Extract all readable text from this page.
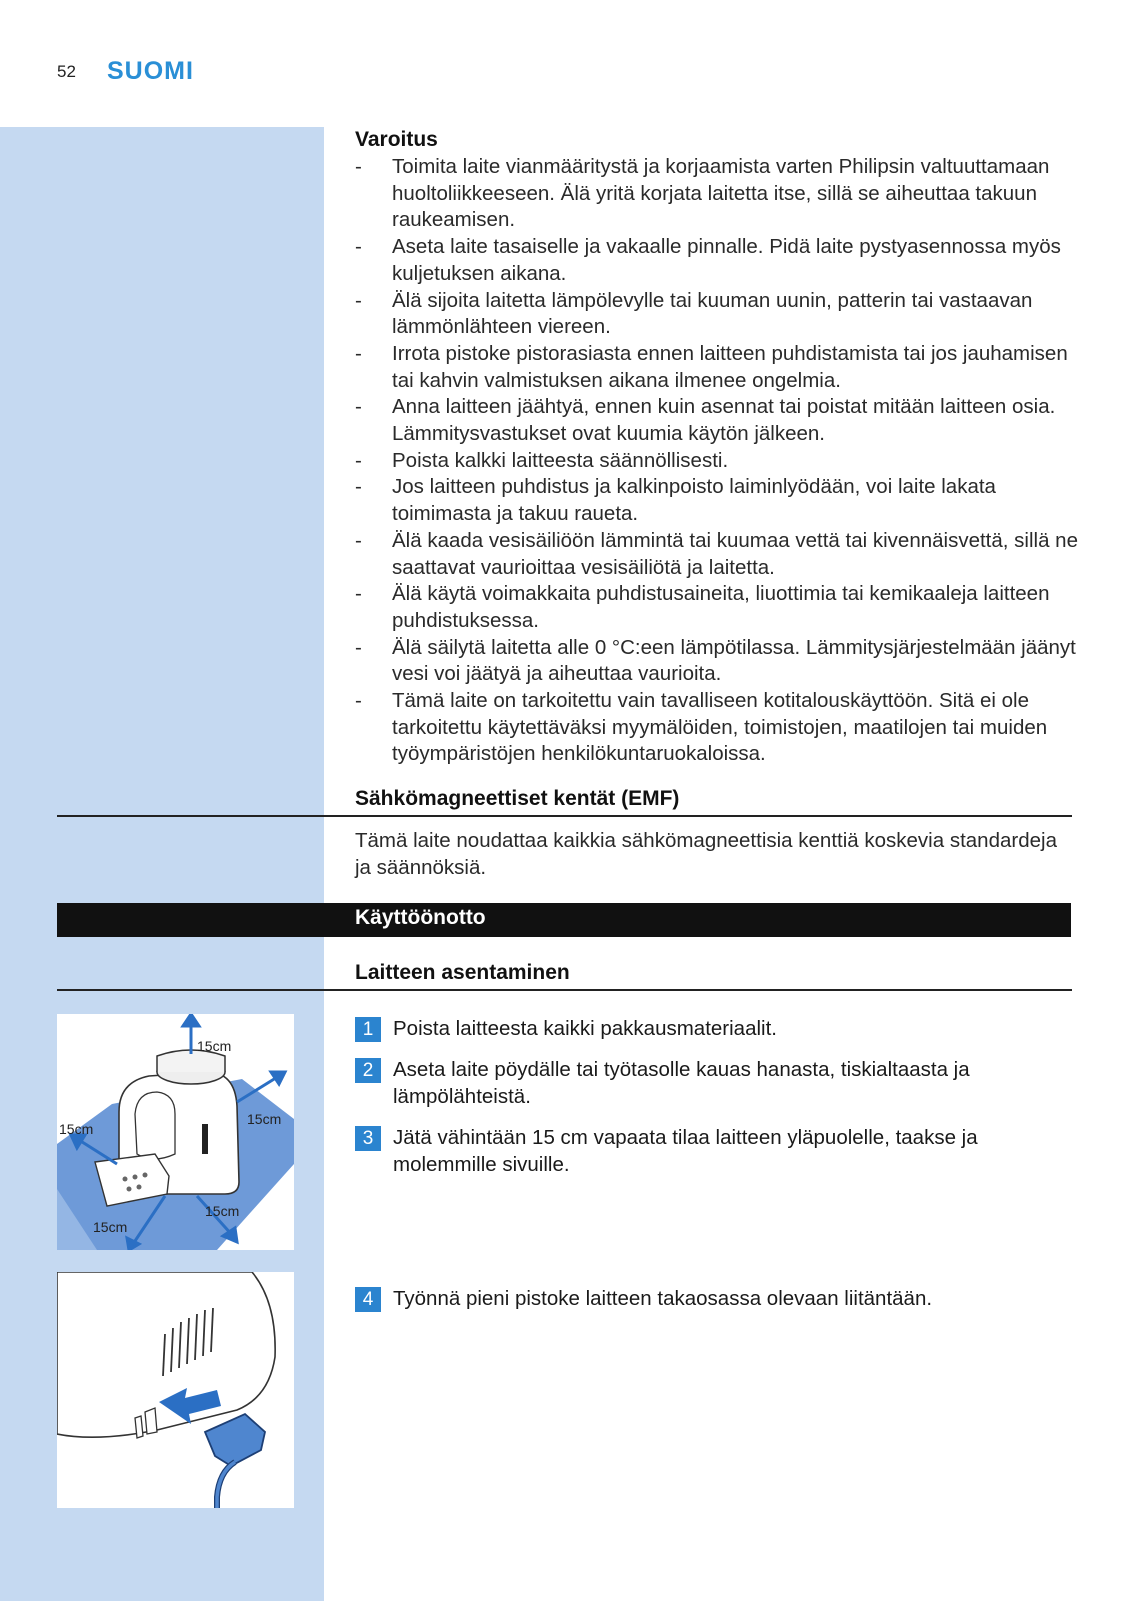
52 SUOMI
Varoitus
- Toimita laite vianmääritystä ja korjaamista varten Philipsin valtuuttamaan huoltoliikkeeseen. Älä yritä korjata laitetta itse, sillä se aiheuttaa takuun raukeamisen.
- Aseta laite tasaiselle ja vakaalle pinnalle. Pidä laite pystyasennossa myös kuljetuksen aikana.
- Älä sijoita laitetta lämpölevylle tai kuuman uunin, patterin tai vastaavan lämmönlähteen viereen.
- Irrota pistoke pistorasiasta ennen laitteen puhdistamista tai jos jauhamisen tai kahvin valmistuksen aikana ilmenee ongelmia.
- Anna laitteen jäähtyä, ennen kuin asennat tai poistat mitään laitteen osia. Lämmitysvastukset ovat kuumia käytön jälkeen.
- Poista kalkki laitteesta säännöllisesti.
- Jos laitteen puhdistus ja kalkinpoisto laiminlyödään, voi laite lakata toimimasta ja takuu raueta.
- Älä kaada vesisäiliöön lämmintä tai kuumaa vettä tai kivennäisvettä, sillä ne saattavat vaurioittaa vesisäiliötä ja laitetta.
- Älä käytä voimakkaita puhdistusaineita, liuottimia tai kemikaaleja laitteen puhdistuksessa.
- Älä säilytä laitetta alle 0 °C:een lämpötilassa. Lämmitysjärjestelmään jäänyt vesi voi jäätyä ja aiheuttaa vaurioita.
- Tämä laite on tarkoitettu vain tavalliseen kotitalouskäyttöön. Sitä ei ole tarkoitettu käytettäväksi myymälöiden, toimistojen, maatilojen tai muiden työympäristöjen henkilökuntaruokaloissa.
Sähkömagneettiset kentät (EMF)
Tämä laite noudattaa kaikkia sähkömagneettisia kenttiä koskevia standardeja ja säännöksiä.
Käyttöönotto
Laitteen asentaminen
1 Poista laitteesta kaikki pakkausmateriaalit.
2 Aseta laite pöydälle tai työtasolle kauas hanasta, tiskialtaasta ja lämpölähteistä.
3 Jätä vähintään 15 cm vapaata tilaa laitteen yläpuolelle, taakse ja molemmille sivuille.
4 Työnnä pieni pistoke laitteen takaosassa olevaan liitäntään.
15cm
15cm
15cm
15cm
15cm
